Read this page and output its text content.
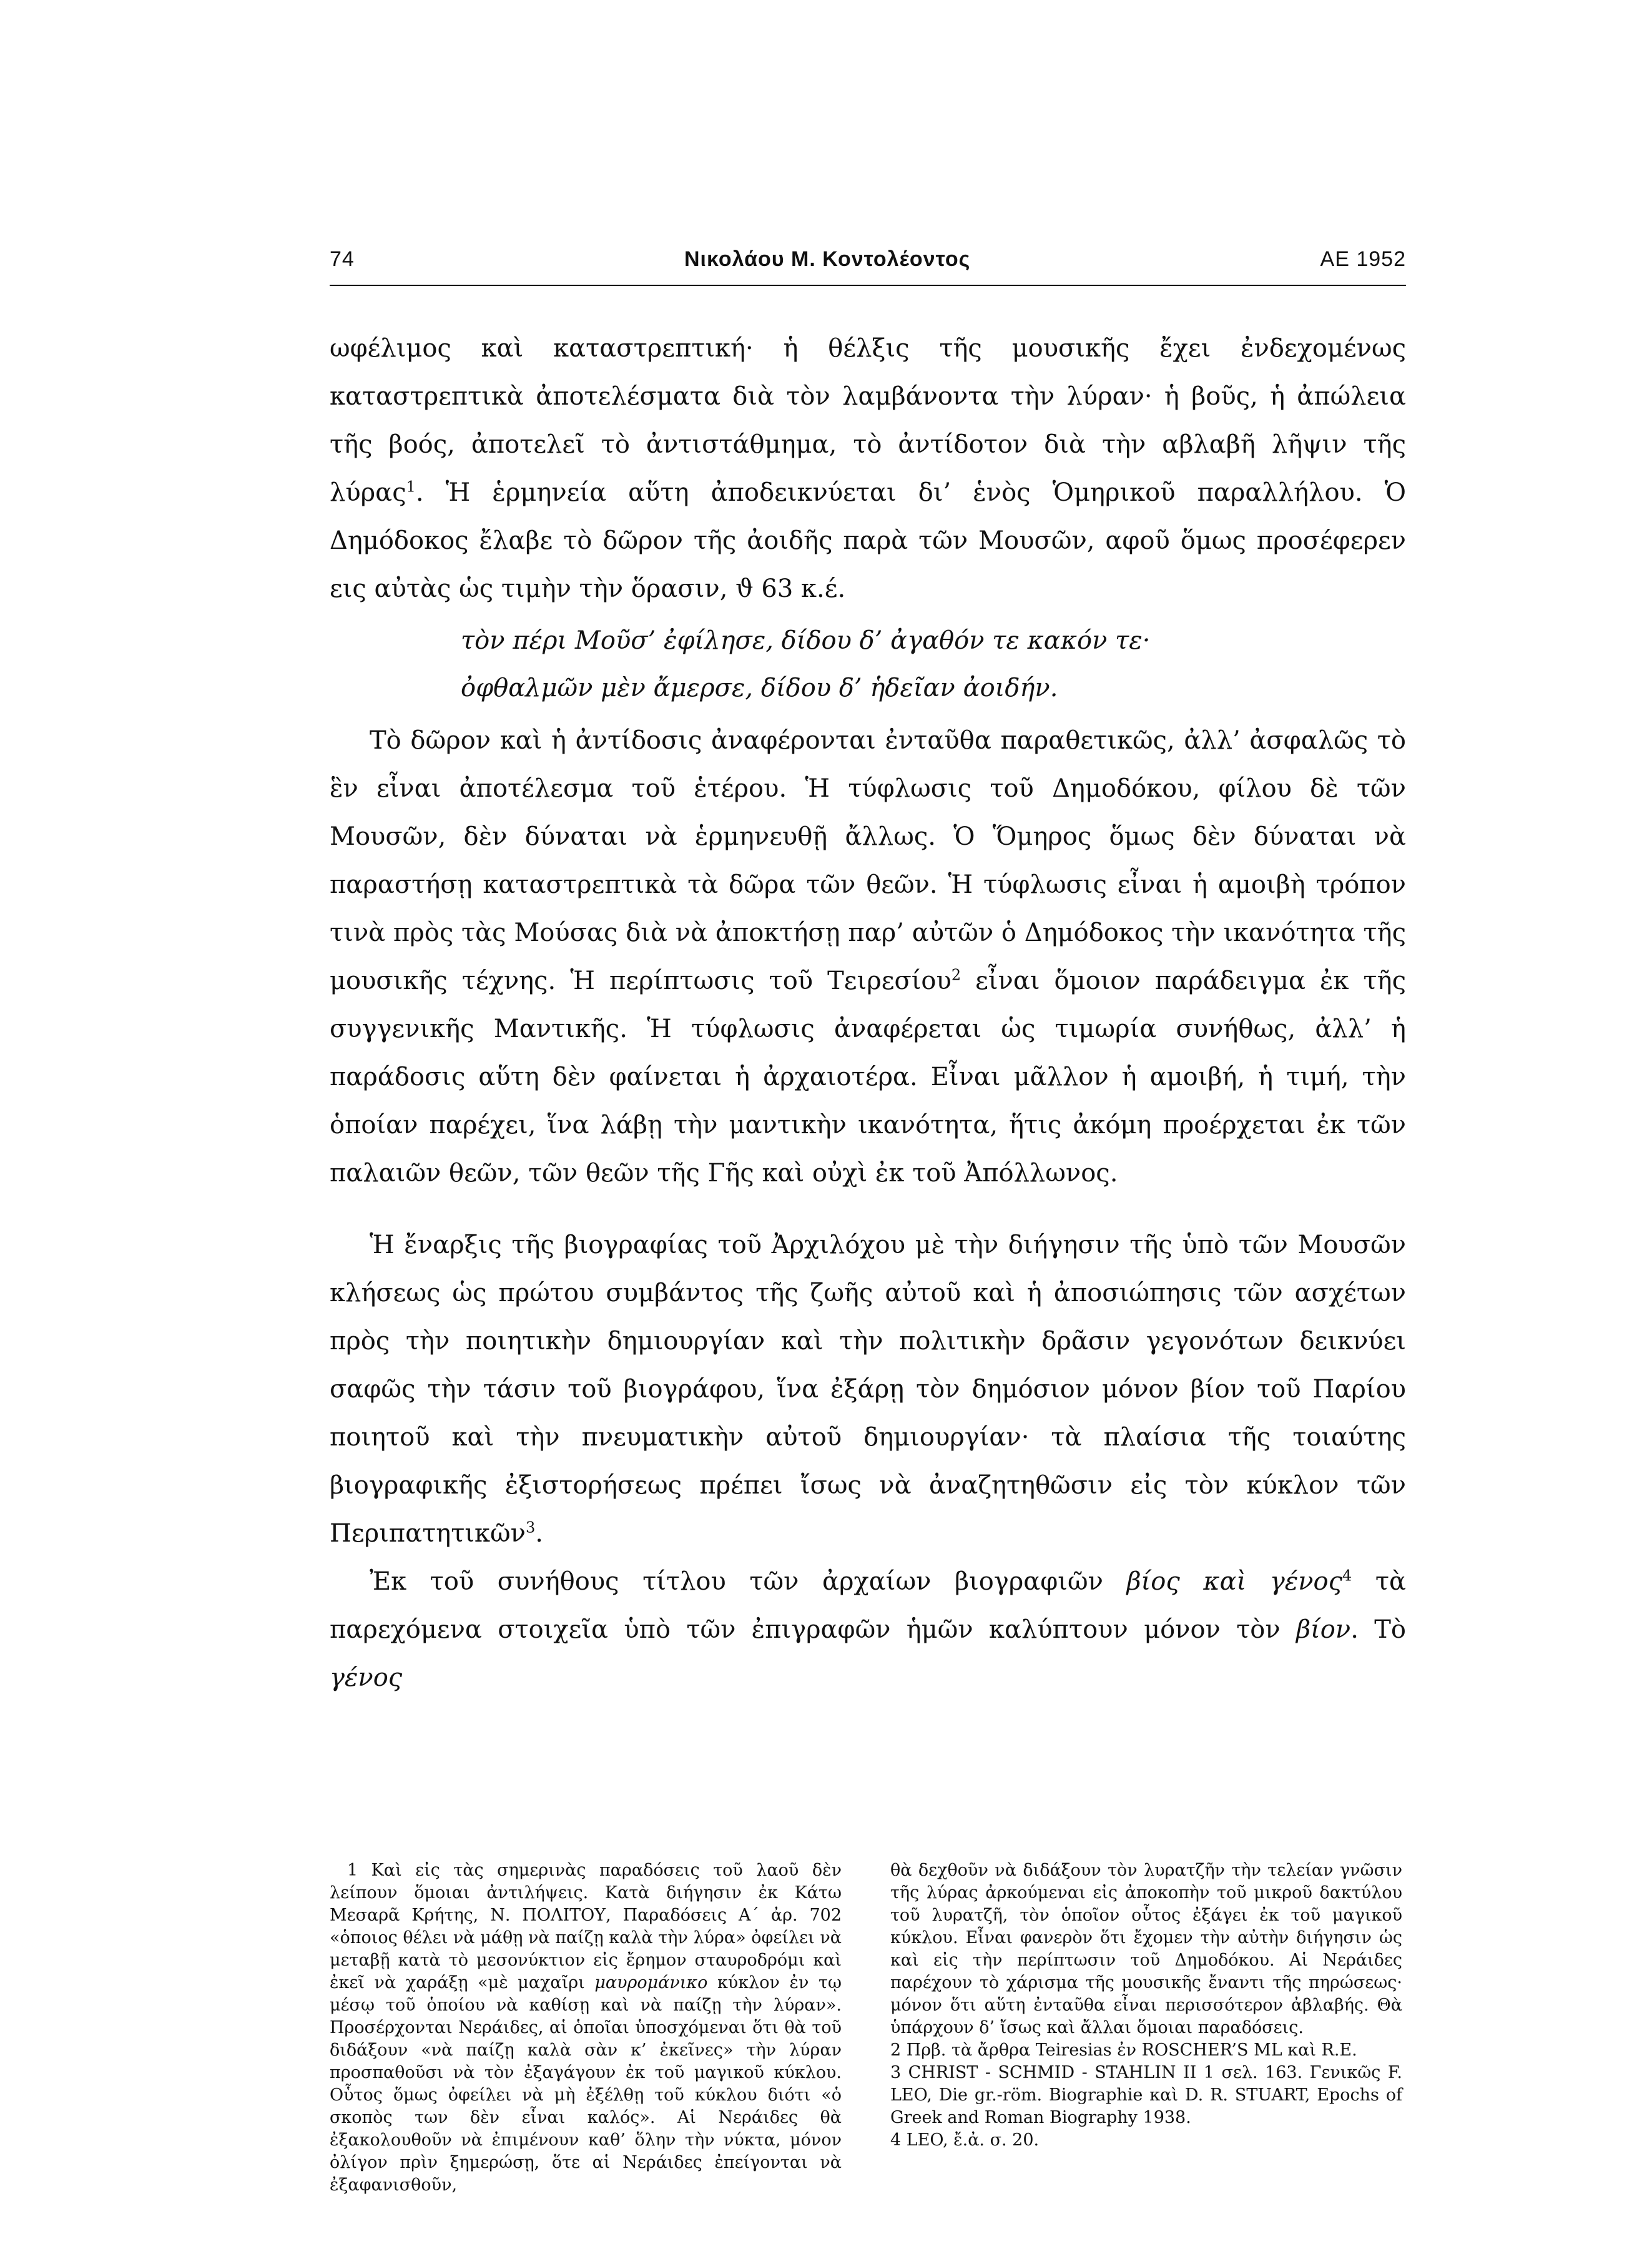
74	Νικολάου Μ. Κοντολέοντος	ΑΕ 1952

ωφέλιμος καὶ καταστρεπτική· ἡ θέλξις τῆς μουσικῆς ἔχει ἐνδεχομένως καταστρεπτικὰ ἀποτελέσματα διὰ τὸν λαμβάνοντα τὴν λύραν· ἡ βοῦς, ἡ ἀπώλεια τῆς βοός, ἀποτελεῖ τὸ ἀντιστάθμημα, τὸ ἀντίδοτον διὰ τὴν αβλαβῆ λῆψιν τῆς λύρας$^1$. Ἡ ἑρμηνεία αὕτη ἀποδεικνύεται δι’ ἑνὸς Ὁμηρικοῦ παραλλήλου. Ὁ Δημόδοκος ἔλαβε τὸ δῶρον τῆς ἀοιδῆς παρὰ τῶν Μουσῶν, αφοῦ ὅμως προσέφερεν εις αὐτὰς ὡς τιμὴν τὴν ὅρασιν, ϑ 63 κ.έ.

τὸν πέρι Μοῦσ’ ἐφίλησε, δίδου δ’ ἀγαθόν τε κακόν τε·
ὀφθαλμῶν μὲν ἄμερσε, δίδου δ’ ἡδεῖαν ἀοιδήν.

Τὸ δῶρον καὶ ἡ ἀντίδοσις ἀναφέρονται ἐνταῦθα παραθετικῶς, ἀλλ’ ἀσφαλῶς τὸ ἓν εἶναι ἀποτέλεσμα τοῦ ἑτέρου. Ἡ τύφλωσις τοῦ Δημοδόκου, φίλου δὲ τῶν Μουσῶν, δὲν δύναται νὰ ἑρμηνευθῇ ἄλλως. Ὁ Ὅμηρος ὅμως δὲν δύναται νὰ παραστήσῃ καταστρεπτικὰ τὰ δῶρα τῶν θεῶν. Ἡ τύφλωσις εἶναι ἡ αμοιβὴ τρόπον τινὰ πρὸς τὰς Μούσας διὰ νὰ ἀποκτήσῃ παρ’ αὐτῶν ὁ Δημόδοκος τὴν ικανότητα τῆς μουσικῆς τέχνης. Ἡ περίπτωσις τοῦ Τειρεσίου$^2$ εἶναι ὅμοιον παράδειγμα ἐκ τῆς συγγενικῆς Μαντικῆς. Ἡ τύφλωσις ἀναφέρεται ὡς τιμωρία συνήθως, ἀλλ’ ἡ παράδοσις αὕτη δὲν φαίνεται ἡ ἀρχαιοτέρα. Εἶναι μᾶλλον ἡ αμοιβή, ἡ τιμή, τὴν ὁποίαν παρέχει, ἵνα λάβῃ τὴν μαντικὴν ικανότητα, ἥτις ἀκόμη προέρχεται ἐκ τῶν παλαιῶν θεῶν, τῶν θεῶν τῆς Γῆς καὶ οὐχὶ ἐκ τοῦ Ἀπόλλωνος.

Ἡ ἔναρξις τῆς βιογραφίας τοῦ Ἀρχιλόχου μὲ τὴν διήγησιν τῆς ὑπὸ τῶν Μουσῶν κλήσεως ὡς πρώτου συμβάντος τῆς ζωῆς αὐτοῦ καὶ ἡ ἀποσιώπησις τῶν ασχέτων πρὸς τὴν ποιητικὴν δημιουργίαν καὶ τὴν πολιτικὴν δρᾶσιν γεγονότων δεικνύει σαφῶς τὴν τάσιν τοῦ βιογράφου, ἵνα ἐξάρῃ τὸν δημόσιον μόνον βίον τοῦ Παρίου ποιητοῦ καὶ τὴν πνευματικὴν αὐτοῦ δημιουργίαν· τὰ πλαίσια τῆς τοιαύτης βιογραφικῆς ἐξιστορήσεως πρέπει ἴσως νὰ ἀναζητηθῶσιν εἰς τὸν κύκλον τῶν Περιπατητικῶν$^3$.

Ἐκ τοῦ συνήθους τίτλου τῶν ἀρχαίων βιογραφιῶν βίος καὶ γένος$^4$ τὰ παρεχόμενα στοιχεῖα ὑπὸ τῶν ἐπιγραφῶν ἡμῶν καλύπτουν μόνον τὸν βίον. Τὸ γένος

1 Καὶ εἰς τὰς σημερινὰς παραδόσεις τοῦ λαοῦ δὲν λείπουν ὅμοιαι ἀντιλήψεις. Κατὰ διήγησιν ἐκ Κάτω Μεσαρᾶ Κρήτης, Ν. ΠΟΛΙΤΟΥ, Παραδόσεις Α΄ ἀρ. 702 «ὁποιος θέλει νὰ μάθῃ νὰ παίζῃ καλὰ τὴν λύρα» ὀφείλει νὰ μεταβῇ κατὰ τὸ μεσονύκτιον εἰς ἔρημον σταυροδρόμι καὶ ἐκεῖ νὰ χαράξῃ «μὲ μαχαῖρι μαυρομάνικο κύκλον ἐν τῳ μέσῳ τοῦ ὁποίου νὰ καθίσῃ καὶ νὰ παίζῃ τὴν λύραν». Προσέρχονται Νεράιδες, αἱ ὁποῖαι ὑποσχόμεναι ὅτι θὰ τοῦ διδάξουν «νὰ παίζῃ καλὰ σὰν κ’ ἐκεῖνες» τὴν λύραν προσπαθοῦσι νὰ τὸν ἐξαγάγουν ἐκ τοῦ μαγικοῦ κύκλου. Οὗτος ὅμως ὀφείλει νὰ μὴ ἐξέλθῃ τοῦ κύκλου διότι «ὁ σκοπὸς των δὲν εἶναι καλός». Αἱ Νεράιδες θὰ ἐξακολουθοῦν νὰ ἐπιμένουν καθ’ ὅλην τὴν νύκτα, μόνον ὀλίγον πρὶν ξημερώσῃ, ὅτε αἱ Νεράιδες ἐπείγονται νὰ ἐξαφανισθοῦν,

θὰ δεχθοῦν νὰ διδάξουν τὸν λυρατζῆν τὴν τελείαν γνῶσιν τῆς λύρας ἀρκούμεναι εἰς ἀποκοπὴν τοῦ μικροῦ δακτύλου τοῦ λυρατζῆ, τὸν ὁποῖον οὗτος ἐξάγει ἐκ τοῦ μαγικοῦ κύκλου. Εἶναι φανερὸν ὅτι ἔχομεν τὴν αὐτὴν διήγησιν ὡς καὶ εἰς τὴν περίπτωσιν τοῦ Δημοδόκου. Αἱ Νεράιδες παρέχουν τὸ χάρισμα τῆς μουσικῆς ἔναντι τῆς πηρώσεως· μόνον ὅτι αὕτη ἐνταῦθα εἶναι περισσότερον ἀβλαβής. Θὰ ὑπάρχουν δ’ ἴσως καὶ ἄλλαι ὅμοιαι παραδόσεις.

2 Πρβ. τὰ ἄρθρα Teiresias ἐν ROSCHER’S ML καὶ R.E.

3 CHRIST - SCHMID - STAHLIN II 1 σελ. 163. Γενικῶς F. LEO, Die gr.-röm. Biographie καὶ D. R. STUART, Epochs of Greek and Roman Biography 1938.

4 LEO, ἔ.ἀ. σ. 20.
